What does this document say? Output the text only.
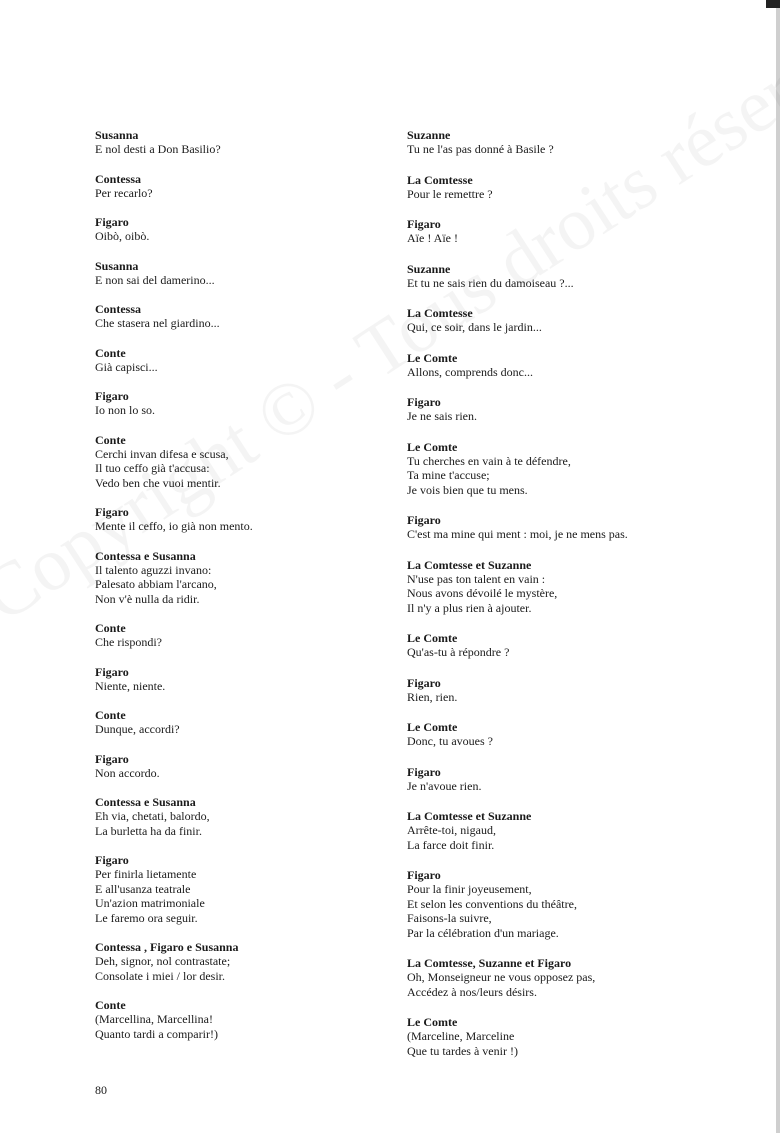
Susanna
E nol desti a Don Basilio?
Contessa
Per recarlo?
Figaro
Oibò, oibò.
Susanna
E non sai del damerino...
Contessa
Che stasera nel giardino...
Conte
Già capisci...
Figaro
Io non lo so.
Conte
Cerchi invan difesa e scusa,
Il tuo ceffo già t'accusa:
Vedo ben che vuoi mentir.
Figaro
Mente il ceffo, io già non mento.
Contessa e Susanna
Il talento aguzzi invano:
Palesato abbiam l'arcano,
Non v'è nulla da ridir.
Conte
Che rispondi?
Figaro
Niente, niente.
Conte
Dunque, accordi?
Figaro
Non accordo.
Contessa e Susanna
Eh via, chetati, balordo,
La burletta ha da finir.
Figaro
Per finirla lietamente
E all'usanza teatrale
Un'azion matrimoniale
Le faremo ora seguir.
Contessa , Figaro e Susanna
Deh, signor, nol contrastate;
Consolate i miei / lor desir.
Conte
(Marcellina, Marcellina!
Quanto tardi a comparir!)
Suzanne
Tu ne l'as pas donné à Basile ?
La Comtesse
Pour le remettre ?
Figaro
Aïe ! Aïe !
Suzanne
Et tu ne sais rien du damoiseau ?...
La Comtesse
Qui, ce soir, dans le jardin...
Le Comte
Allons, comprends donc...
Figaro
Je ne sais rien.
Le Comte
Tu cherches en vain à te défendre,
Ta mine t'accuse;
Je vois bien que tu mens.
Figaro
C'est ma mine qui ment : moi, je ne mens pas.
La Comtesse et Suzanne
N'use pas ton talent en vain :
Nous avons dévoilé le mystère,
Il n'y a plus rien à ajouter.
Le Comte
Qu'as-tu à répondre ?
Figaro
Rien, rien.
Le Comte
Donc, tu avoues ?
Figaro
Je n'avoue rien.
La Comtesse et Suzanne
Arrête-toi, nigaud,
La farce doit finir.
Figaro
Pour la finir joyeusement,
Et selon les conventions du théâtre,
Faisons-la suivre,
Par la célébration d'un mariage.
La Comtesse, Suzanne et Figaro
Oh, Monseigneur ne vous opposez pas,
Accédez à nos/leurs désirs.
Le Comte
(Marceline, Marceline
Que tu tardes à venir !)
80
